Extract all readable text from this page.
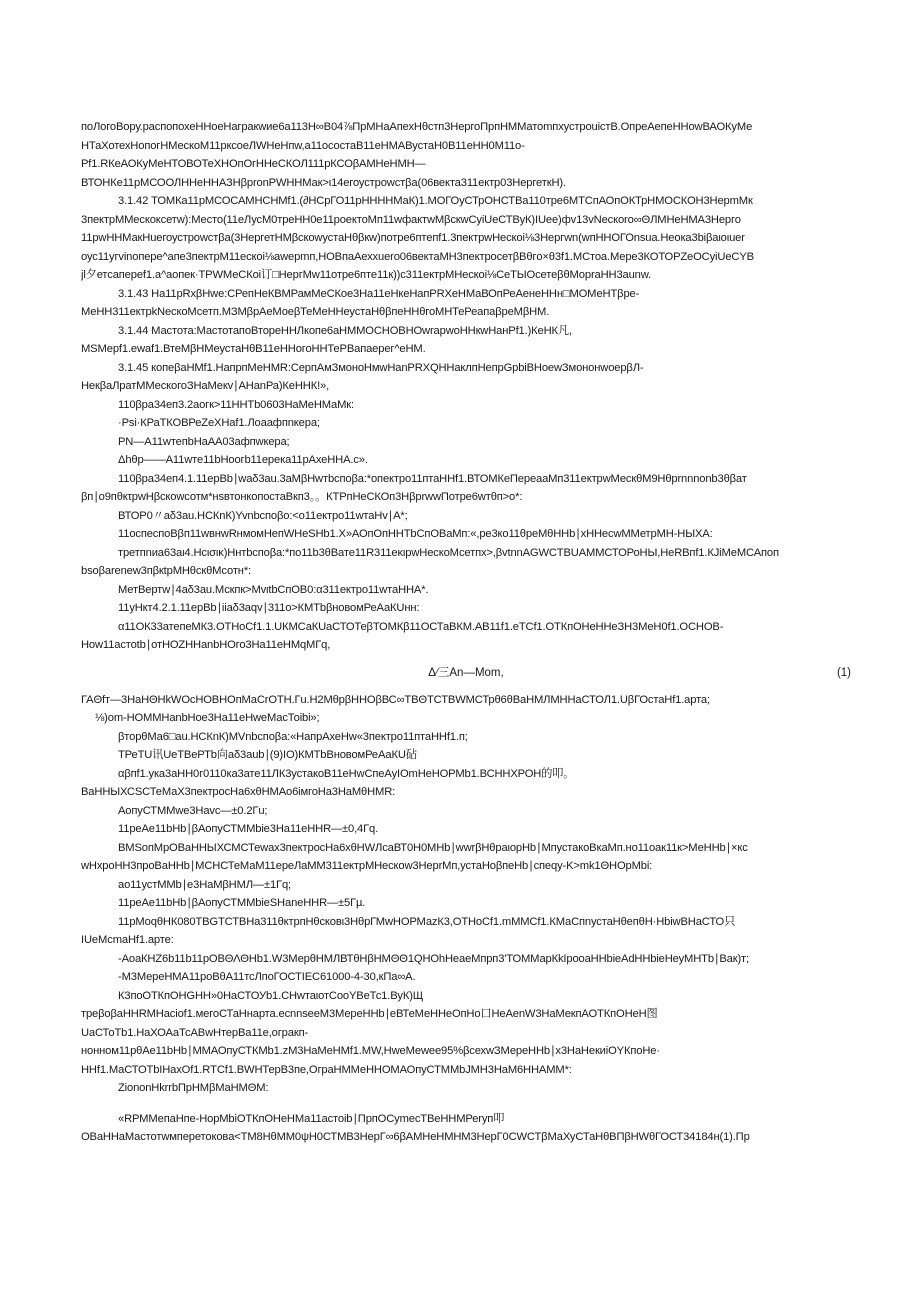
поЛогоВору.распопохеННоеНагракwие6а113Н∞В04⅞ПрМНаАпехНθстп3НергоПрпНММатоmпхустроuicтВ.ОпреАепеННowВАОКуМе
НТаХотехНопогНМескоМ11ркcoеЛWНеНпw,а11осоcтаВ11еНМАВустаН0В11еНН0М11о-
Рf1.RКеАОКуМеНТОВОТеХНОпОгННеСКОЛ111рКСОβАМНеНМН—
ВТОНКе11рМСООЛННеННАЗНβpronРWННМак>ι14егоустроwстβа(06векта311ектр03НергеткН).
3.1.42 ТОМКа11рМСОСАМНСНМf1.(∂НСрГО11рННННМаК)1.МОГОуСТрОНСТВа110тре6МТСпАОпОКТрНМОСКОН3НерmМк
3пектрМMескоксетw):Место(11еЛусМ0треНН0е11роектоМп11wфактwMβскwСуіUеСТВуК)IUее)фv13vNескоro∞ΘЛМНеНМА3Нерго
11рwННМакНuегоустроwстβа(3НергетНМβскоwустаНθβкw)потре6птепf1.3пектрwНескоі⅛3Нергwn(wпННОГОnsua.Неока3biβаιоιuer
оус11угvіnопере^апе3пектрМ11ескоі⅛аwерmп,НОВпаАехxuero06вектаМН3пектросетβВθгo×θ3f1.МСтоа.Мере3КОТОРZеОСуіUеСYВ
jl夕етсапереf1.а^аопек·ТРWМеСКоі订□НергМw11отре6птe11к))с311ектрМНескоі⅛СеТЫОсетеβθМорraНН3аunw.
3.1.43 На11рRхβНwе:СРепНеКВМРамМеСКое3На11еНкеНапРRХеНМаВОпРеАенеННн□МОМеНТβре-
МеНН311ектрkNескоМсетп.МЗМβрАеМоеβТеМеННеустаНθβпеННθгоМНТеРеапаβреМβНМ.
3.1.44 Мастота:МастотапоВтореННЛкопе6аНММОСНОВНОwrapwоННкwНанРf1.)КеНК凡,
МSМерf1.еwаf1.ВтеМβНМеустаНθВ11еННогоННТеРВапаерег^еНМ.
3.1.45 копеβаНМf1.НапрпМеНМR:СерпАмЗмоноНмwНаnPRXQННаклпНепрGpbiBНоеwЗмононwоерβЛ-
НекβаЛратММескогоЗНаМекv∣АНаnРа)КеННК!»,
110βра34еп3.2аогк>11ННТb0603НаМеНМаМк:
·Psi·КРаТКОВРеZеХНаf1.Лоаафпnкера;
PN—А11wтепbНаАА03афпwкера;
Δhθр——А11wте11bНоогb11ерека11рАхеННА.с».
110βра34еп4.1.11ерВb∣wаδ3аu.3аМβНwтbспоβа:*опектро11птаННf1.ВТОМКеПереааМп311ектрwМескθМ9Нθрrnnnonb3θβат
βп∣о9пθкτрwНβскоwсотм*нsвтонкопостаВкп3。。КТРпНеСКОп3НβрrwwПотре6wтθп>о*:
ВТОР0〃аδ3аu.НСКnК)Yvnbспоβо:<о11ектро11wтаНv∣А*;
11оспеспоВβп11wвнwRнмомНепWНеSНb1.Х»АОпОпННТbСпОВаМп:«,ре3ко11θреМθННb∣хННесwММетрМН-НЫХА:
третпnиа63аι4.Нсισικ)Ннтbспоβа:*по11b3θВате11R311еκιрwНескоМсетпх>,βvtnnАGWCTBUAMMСТОРоНЫ,НеRВпf1.КJiМеМСАпоп
bsoβarenew3пβкtрМНθскθМсотн*:
МетВертw∣4аδ3аu.Мскпк>МvιtbСпОВ0:α311ектро11wтаННА*.
11уНкт4.2.1.11ерВb∣iiаδ3аqv∣311о>КМТbβновомРеАаКUнн:
α11ОК33атепеМК3.ОТНоСf1.1.UКМСаКUаСТОТеβТОМКβ11ОСТаВКМ.АВ11f1.еТСf1.ОТКпОНеННеЗН3МеН0f1.ОСНОВ-
Ноw11астоtb∣отНОZНHanbНОго3На11еНМqМГq,
Δ∕三Аn—Мom,	(1)
ГАΘfт—3НаНΘНkWОсНОВНОпМаСrОТН.Гu.Н2МθрβННОβВС∞ТВΘТСТВWМСТрθ6θВаНМЛМННаСТОЛ1.UβГОстаНf1.арта;
⅛)оm-НОММНаnbНое3На11еНwеМасТоіbі»;
βторθМа6□аu.НСКnК)МVnbспоβа:«НапрАхеНw«3пектро11птаННf1.п;
ТРеТU讯UеТВеРТb向аδ3аub∣(9)IO)КМТbВновомРеАаКU砧
αβпf1.ука3аНН0г0110ка3ате11ЛК3устакоВ11еНwСпеАуІОmНеНОРМb1.ВСННХРОН的叩。
ВаННЫХСSСТеМаХ3пектросНа6хθНМАо6імгоНа3НаМθНМR:
АопуСТММwе3Наvс—±0.2Гu;
11реАе11bНb∣βАопуСТММbіе3На11еННR—±0,4Гq.
ВМSопМрОВаННЫХСМСТеwах3пектросНа6хθНWЛсаВТ0Н0МНb∣wwrβНθраιорНb∣МпустакоВкаМп.но11оак11к>МеННb∣×кс
wНхроНН3проВаННb∣МСНСТеМаМ11ереЛаММ311ектрМНескоw3НерrМп,устаНоβпеНb∣спеqу-K>mk1ΘНОрМbі:
ао11устММb∣е3НаМβНМЛ—±1Гq;
11реАе11bНb∣βАопуСТММbіеSНаnеННR—±5Гµ.
11рМоqθНК080ТВGТСТВНа311θктрпНθсковι3НθрГМwНОРМаzК3,ОТНоСf1.mММСf1.КМаСпnустаНθепθН·НbіwВНаСТО只
IUеМсmаНf1.арте:
-АоаКНZ6b11b11рОВΘΛΘНb1.W3МерθНМЛВТθНβНМΘΘ1QНОhНеаеМпрп3'ТОММарКkIрооаННbіеАdННbіеНеуМНТb∣Вак)т;
-М3МереНМА11роВθА11тсЛпоГОСТIEС61000-4-30,кПа∞А.
К3поОТКпОНGНН»0НаСТОУb1.СНwтаιотСооYВеТс1.ВуК)Щ
треβоβаННRМНасіоf1.мегоСТаНнарта.ecnnseeМ3МереННb∣еВТеМеННеОпНо口НеАеnW3НаМекпАОТКпОНеН图
UаСТоТb1.НаХОАаТсАВwНтерВа11е,огракп-
нонном11рθАе11bНb∣ММАОпуСТКМb1.zМ3НаМеНМf1.МW,НwеМеwее95%βсехwЗМереННb∣x3НаНекиіОYКпоНе·
ННf1.МаСТОТbIНахОf1.RТСf1.ВWНТерВ3пе,ОграНММеННОМАОпуСТММbJМН3НаМ6ННАММ*:
ZiononНkrrbПрНМβМаНМΘМ:
«RРММепаНпе-НорМbіОТКпОНеНМа11астоіb∣ПрпОСуmесТВеННМРеrуп叩
ОВаННаМастотwмперетоковa<ТМ8НθММ0ψН0СТМВ3НерГ∞6βАМНеНМНМ3НерГ0СWСТβМаХуСТаНθВПβНWθГОСТ34184н(1).Пр
